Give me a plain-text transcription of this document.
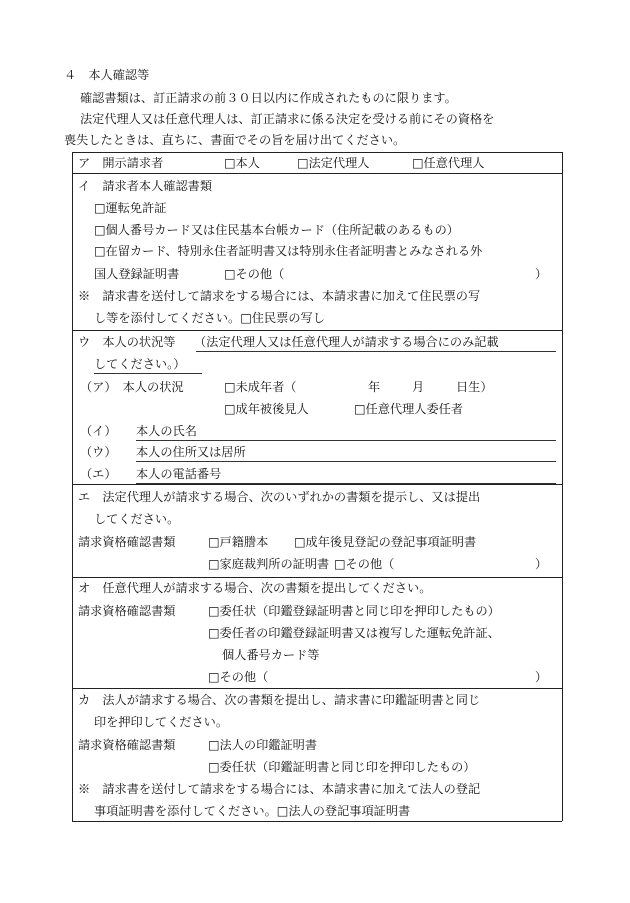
４　本人確認等
確認書類は、訂正請求の前３０日以内に作成されたものに限ります。
法定代理人又は任意代理人は、訂正請求に係る決定を受ける前にその資格を
喪失したときは、直ちに、書面でその旨を届け出てください。
ア　開示請求者	□本人	□法定代理人	□任意代理人
イ　請求者本人確認書類
□運転免許証
□個人番号カード又は住民基本台帳カード（住所記載のあるもの）
□在留カード、特別永住者証明書又は特別永住者証明書とみなされる外
国人登録証明書	□その他（	）
※　請求書を送付して請求をする場合には、本請求書に加えて住民票の写
し等を添付してください。□住民票の写し
ウ　本人の状況等 （法定代理人又は任意代理人が請求する場合にのみ記載
してください。）
（ア）　本人の状況	□未成年者（	年	月	日生）
□成年被後見人	□任意代理人委任者
（イ） 本人の氏名
（ウ） 本人の住所又は居所
（エ） 本人の電話番号
エ　法定代理人が請求する場合、次のいずれかの書類を提示し、又は提出
してください。
請求資格確認書類	□戸籍謄本 □成年後見登記の登記事項証明書
□家庭裁判所の証明書 □その他（	）
オ　任意代理人が請求する場合、次の書類を提出してください。
請求資格確認書類	□委任状（印鑑登録証明書と同じ印を押印したもの）
□委任者の印鑑登録証明書又は複写した運転免許証、
個人番号カード等
□その他（	）
カ　法人が請求する場合、次の書類を提出し、請求書に印鑑証明書と同じ
印を押印してください。
請求資格確認書類	□法人の印鑑証明書
□委任状（印鑑証明書と同じ印を押印したもの）
※　請求書を送付して請求をする場合には、本請求書に加えて法人の登記
事項証明書を添付してください。□法人の登記事項証明書
